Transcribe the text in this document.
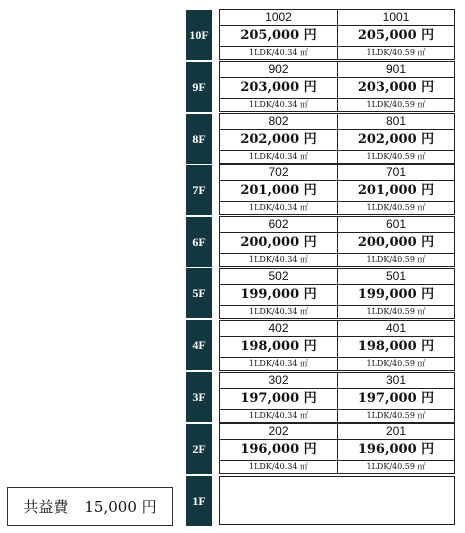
10F
1002
205,000 円
1LDK/40.34 ㎡
1001
205,000 円
1LDK/40.59 ㎡
9F
902
203,000 円
1LDK/40.34 ㎡
901
203,000 円
1LDK/40.59 ㎡
8F
802
202,000 円
1LDK/40.34 ㎡
801
202,000 円
1LDK/40.59 ㎡
7F
702
201,000 円
1LDK/40.34 ㎡
701
201,000 円
1LDK/40.59 ㎡
6F
602
200,000 円
1LDK/40.34 ㎡
601
200,000 円
1LDK/40.59 ㎡
5F
502
199,000 円
1LDK/40.34 ㎡
501
199,000 円
1LDK/40.59 ㎡
4F
402
198,000 円
1LDK/40.34 ㎡
401
198,000 円
1LDK/40.59 ㎡
3F
302
197,000 円
1LDK/40.34 ㎡
301
197,000 円
1LDK/40.59 ㎡
2F
202
196,000 円
1LDK/40.34 ㎡
201
196,000 円
1LDK/40.59 ㎡
1F
共益費 15,000 円
